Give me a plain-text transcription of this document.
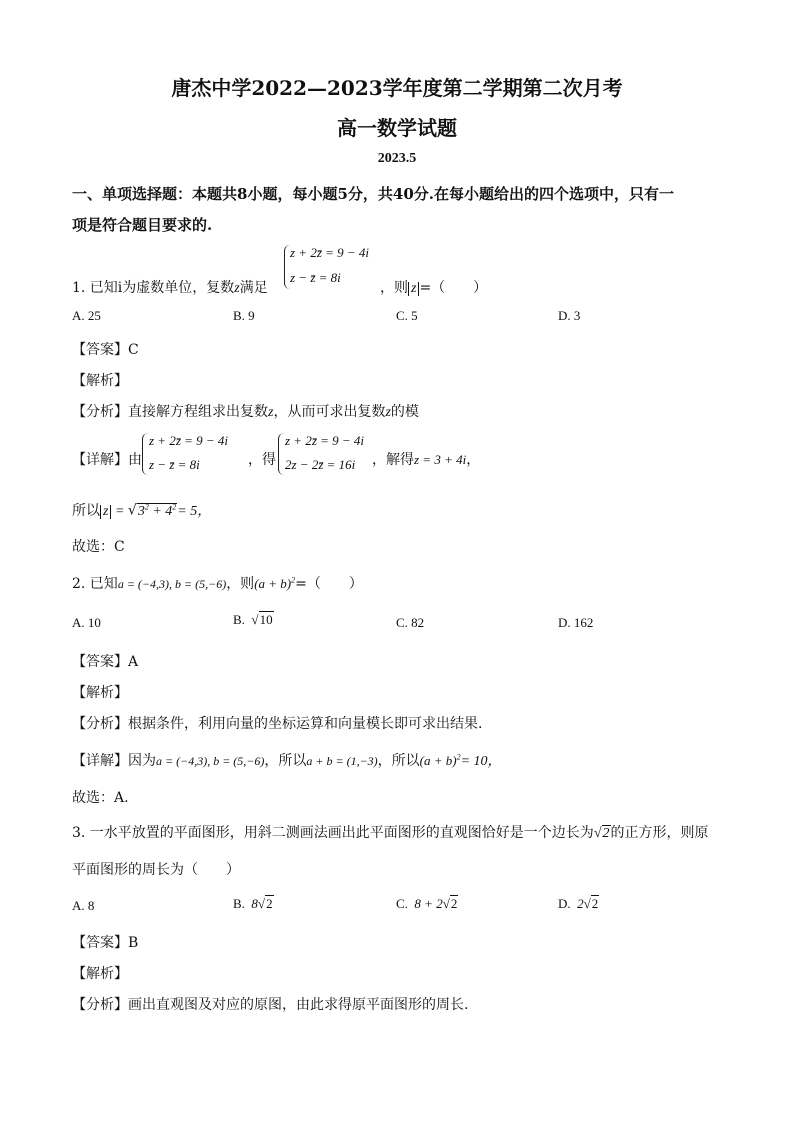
唐杰中学2022—2023学年度第二学期第二次月考
高一数学试题
2023.5
一、单项选择题：本题共8小题，每小题5分，共40分.在每小题给出的四个选项中，只有一
项是符合题目要求的.
z + 2z̄ = 9 − 4i
z − z̄ = 8i
1. 已知i为虚数单位，复数z满足	，则 z =（　　）
A. 25	B. 9	C. 5	D. 3
【答案】C
【解析】
【分析】直接解方程组求出复数z，从而可求出复数z的模
【详解】由
z + 2z̄ = 9 − 4i
z − z̄ = 8i	，得
z + 2z̄ = 9 − 4i
2z − 2z̄ = 16i ，解得z = 3 + 4i，
所以 $z = √3^2 + 4^2= 5$，
故选：C
2. 已知a = (−4,3), b = (5,−6)，则$(a + b)^2=$（　　）
A. 10	B. √10	C. 82	D. 162
【答案】A
【解析】
【分析】根据条件，利用向量的坐标运算和向量模长即可求出结果.
【详解】因为a = (−4,3), b = (5,−6)，所以a + b = (1,−3)，所以$(a + b)^2= 10$，
故选：A.
3. 一水平放置的平面图形，用斜二测画法画出此平面图形的直观图恰好是一个边长为√2的正方形，则原
平面图形的周长为（　　）
A. 8	B. 8√2	C. 8 + 2√2	D. 2√2
【答案】B
【解析】
【分析】画出直观图及对应的原图，由此求得原平面图形的周长.
